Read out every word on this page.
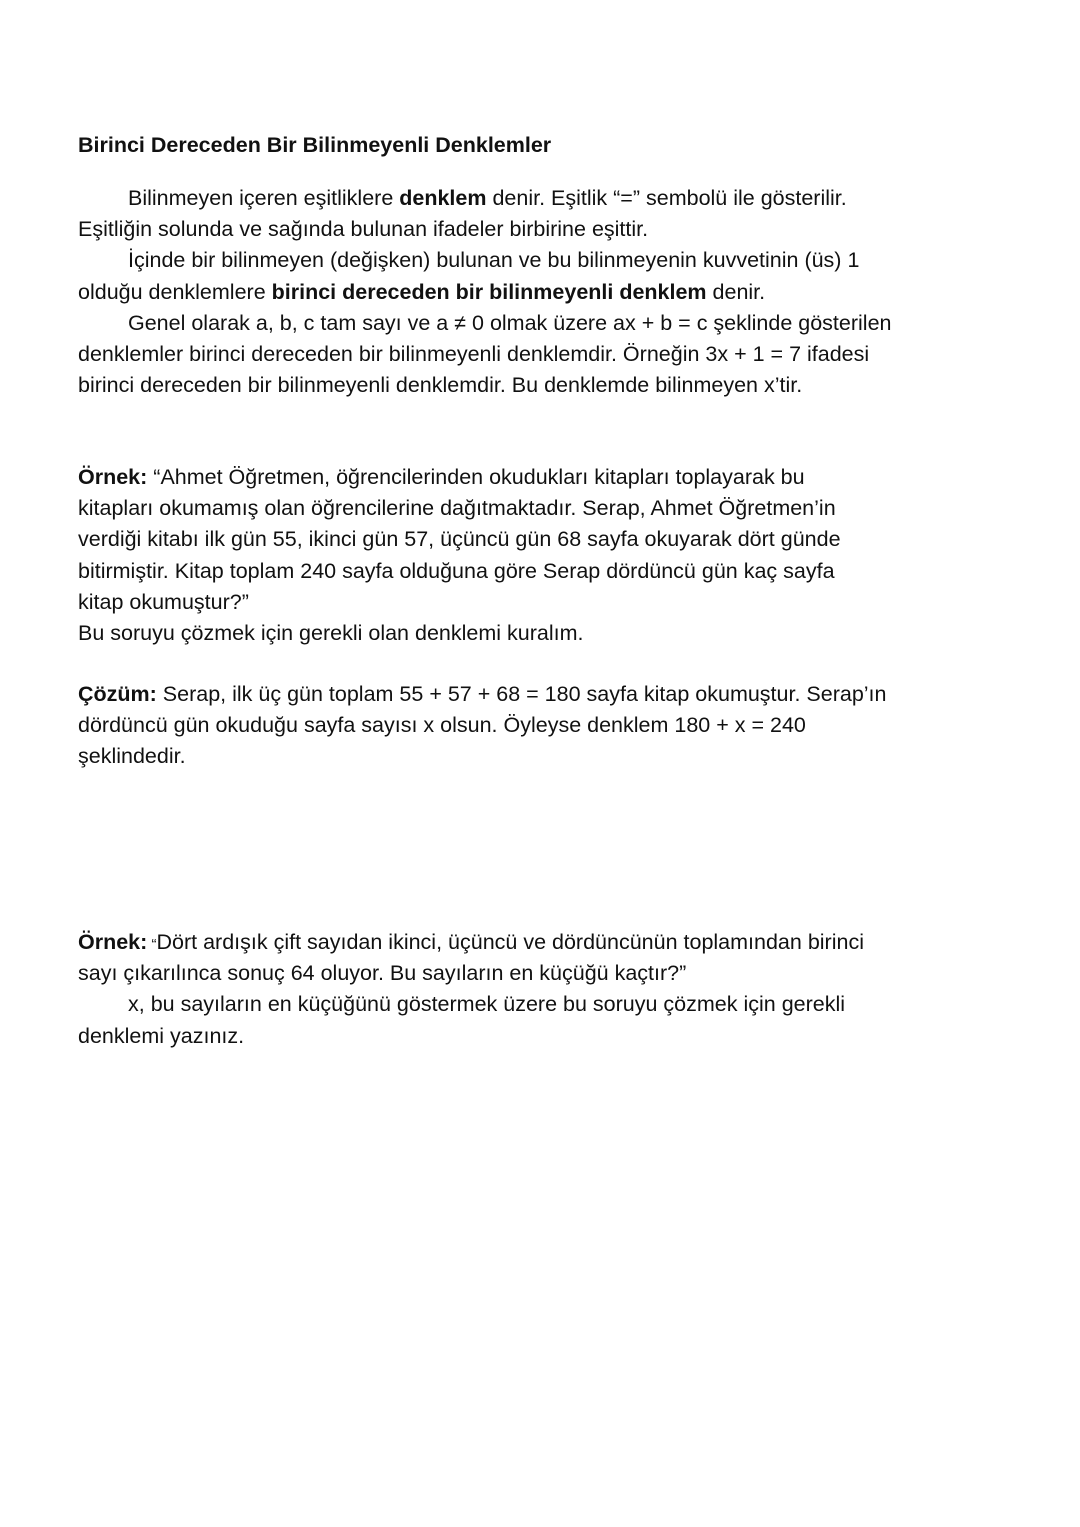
Birinci Dereceden Bir Bilinmeyenli Denklemler
Bilinmeyen içeren eşitliklere denklem denir. Eşitlik “=” sembolü ile gösterilir.
Eşitliğin solunda ve sağında bulunan ifadeler birbirine eşittir.
İçinde bir bilinmeyen (değişken) bulunan ve bu bilinmeyenin kuvvetinin (üs) 1
olduğu denklemlere birinci dereceden bir bilinmeyenli denklem denir.
Genel olarak a, b, c tam sayı ve a ≠ 0 olmak üzere ax + b = c şeklinde gösterilen
denklemler birinci dereceden bir bilinmeyenli denklemdir. Örneğin 3x + 1 = 7 ifadesi
birinci dereceden bir bilinmeyenli denklemdir. Bu denklemde bilinmeyen x’tir.
Örnek: “Ahmet Öğretmen, öğrencilerinden okudukları kitapları toplayarak bu
kitapları okumamış olan öğrencilerine dağıtmaktadır. Serap, Ahmet Öğretmen’in
verdiği kitabı ilk gün 55, ikinci gün 57, üçüncü gün 68 sayfa okuyarak dört günde
bitirmiştir. Kitap toplam 240 sayfa olduğuna göre Serap dördüncü gün kaç sayfa
kitap okumuştur?”
Bu soruyu çözmek için gerekli olan denklemi kuralım.
Çözüm: Serap, ilk üç gün toplam 55 + 57 + 68 = 180 sayfa kitap okumuştur. Serap’ın
dördüncü gün okuduğu sayfa sayısı x olsun. Öyleyse denklem 180 + x = 240
şeklindedir.
Örnek: “Dört ardışık çift sayıdan ikinci, üçüncü ve dördüncünün toplamından birinci
sayı çıkarılınca sonuç 64 oluyor. Bu sayıların en küçüğü kaçtır?”
x, bu sayıların en küçüğünü göstermek üzere bu soruyu çözmek için gerekli
denklemi yazınız.
